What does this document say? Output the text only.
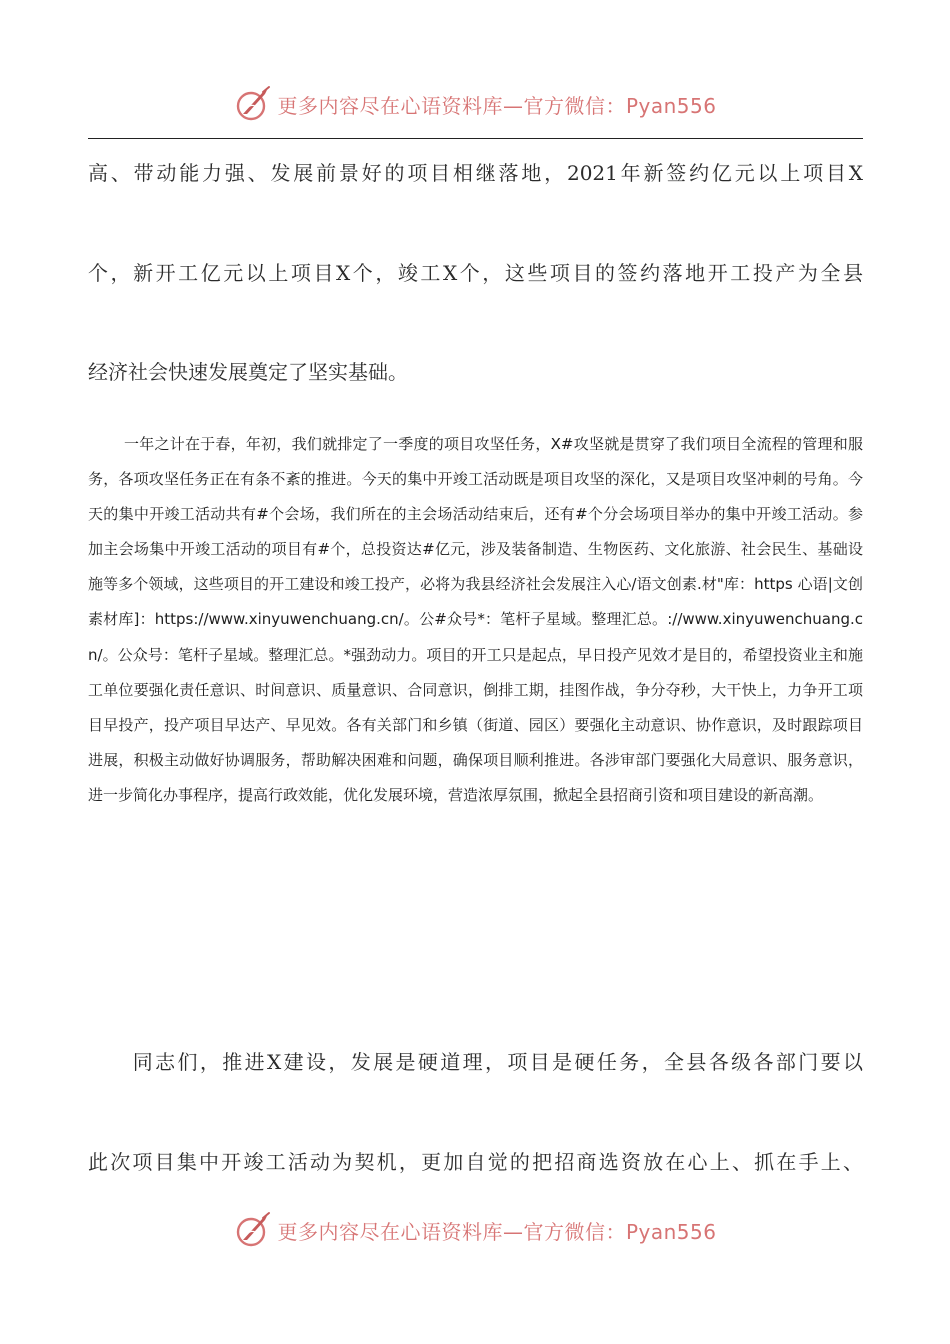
更多内容尽在心语资料库—官方微信：Pyan556
高、带动能力强、发展前景好的项目相继落地，2021年新签约亿元以上项目X
个，新开工亿元以上项目X个，竣工X个，这些项目的签约落地开工投产为全县
经济社会快速发展奠定了坚实基础。

一年之计在于春，年初，我们就排定了一季度的项目攻坚任务，X#攻坚就是贯穿了我们项目全流程的管理和服务，各项攻坚任务正在有条不紊的推进。今天的集中开竣工活动既是项目攻坚的深化，又是项目攻坚冲刺的号角。今天的集中开竣工活动共有#个会场，我们所在的主会场活动结束后，还有#个分会场项目举办的集中开竣工活动。参加主会场集中开竣工活动的项目有#个，总投资达#亿元，涉及装备制造、生物医药、文化旅游、社会民生、基础设施等多个领域，这些项目的开工建设和竣工投产，必将为我县经济社会发展注入心/语文创素.材"库：https 心语|文创素材库]：https://www.xinyuwenchuang.cn/。公#众号*：笔杆子星域。整理汇总。://www.xinyuwenchuang.cn/。公众号：笔杆子星域。整理汇总。*强劲动力。项目的开工只是起点，早日投产见效才是目的，希望投资业主和施工单位要强化责任意识、时间意识、质量意识、合同意识，倒排工期，挂图作战，争分夺秒，大干快上，力争开工项目早投产，投产项目早达产、早见效。各有关部门和乡镇（街道、园区）要强化主动意识、协作意识，及时跟踪项目进展，积极主动做好协调服务，帮助解决困难和问题，确保项目顺利推进。各涉审部门要强化大局意识、服务意识，进一步简化办事程序，提高行政效能，优化发展环境，营造浓厚氛围，掀起全县招商引资和项目建设的新高潮。

　　同志们，推进X建设，发展是硬道理，项目是硬任务，全县各级各部门要以
此次项目集中开竣工活动为契机，更加自觉的把招商选资放在心上、抓在手上、
更多内容尽在心语资料库—官方微信：Pyan556
